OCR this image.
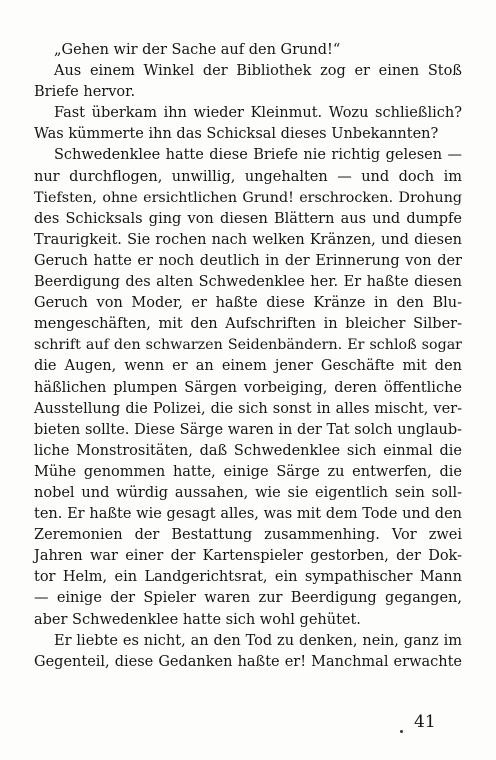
„Gehen wir der Sache auf den Grund!“
Aus einem Winkel der Bibliothek zog er einen Stoß
Briefe hervor.
Fast überkam ihn wieder Kleinmut. Wozu schließlich?
Was kümmerte ihn das Schicksal dieses Unbekannten?
Schwedenklee hatte diese Briefe nie richtig gelesen —
nur durchflogen, unwillig, ungehalten — und doch im
Tiefsten, ohne ersichtlichen Grund! erschrocken. Drohung
des Schicksals ging von diesen Blättern aus und dumpfe
Traurigkeit. Sie rochen nach welken Kränzen, und diesen
Geruch hatte er noch deutlich in der Erinnerung von der
Beerdigung des alten Schwedenklee her. Er haßte diesen
Geruch von Moder, er haßte diese Kränze in den Blu-
mengeschäften, mit den Aufschriften in bleicher Silber-
schrift auf den schwarzen Seidenbändern. Er schloß sogar
die Augen, wenn er an einem jener Geschäfte mit den
häßlichen plumpen Särgen vorbeiging, deren öffentliche
Ausstellung die Polizei, die sich sonst in alles mischt, ver-
bieten sollte. Diese Särge waren in der Tat solch unglaub-
liche Monstrositäten, daß Schwedenklee sich einmal die
Mühe genommen hatte, einige Särge zu entwerfen, die
nobel und würdig aussahen, wie sie eigentlich sein soll-
ten. Er haßte wie gesagt alles, was mit dem Tode und den
Zeremonien der Bestattung zusammenhing. Vor zwei
Jahren war einer der Kartenspieler gestorben, der Dok-
tor Helm, ein Landgerichtsrat, ein sympathischer Mann
— einige der Spieler waren zur Beerdigung gegangen,
aber Schwedenklee hatte sich wohl gehütet.
Er liebte es nicht, an den Tod zu denken, nein, ganz im
Gegenteil, diese Gedanken haßte er! Manchmal erwachte
41
